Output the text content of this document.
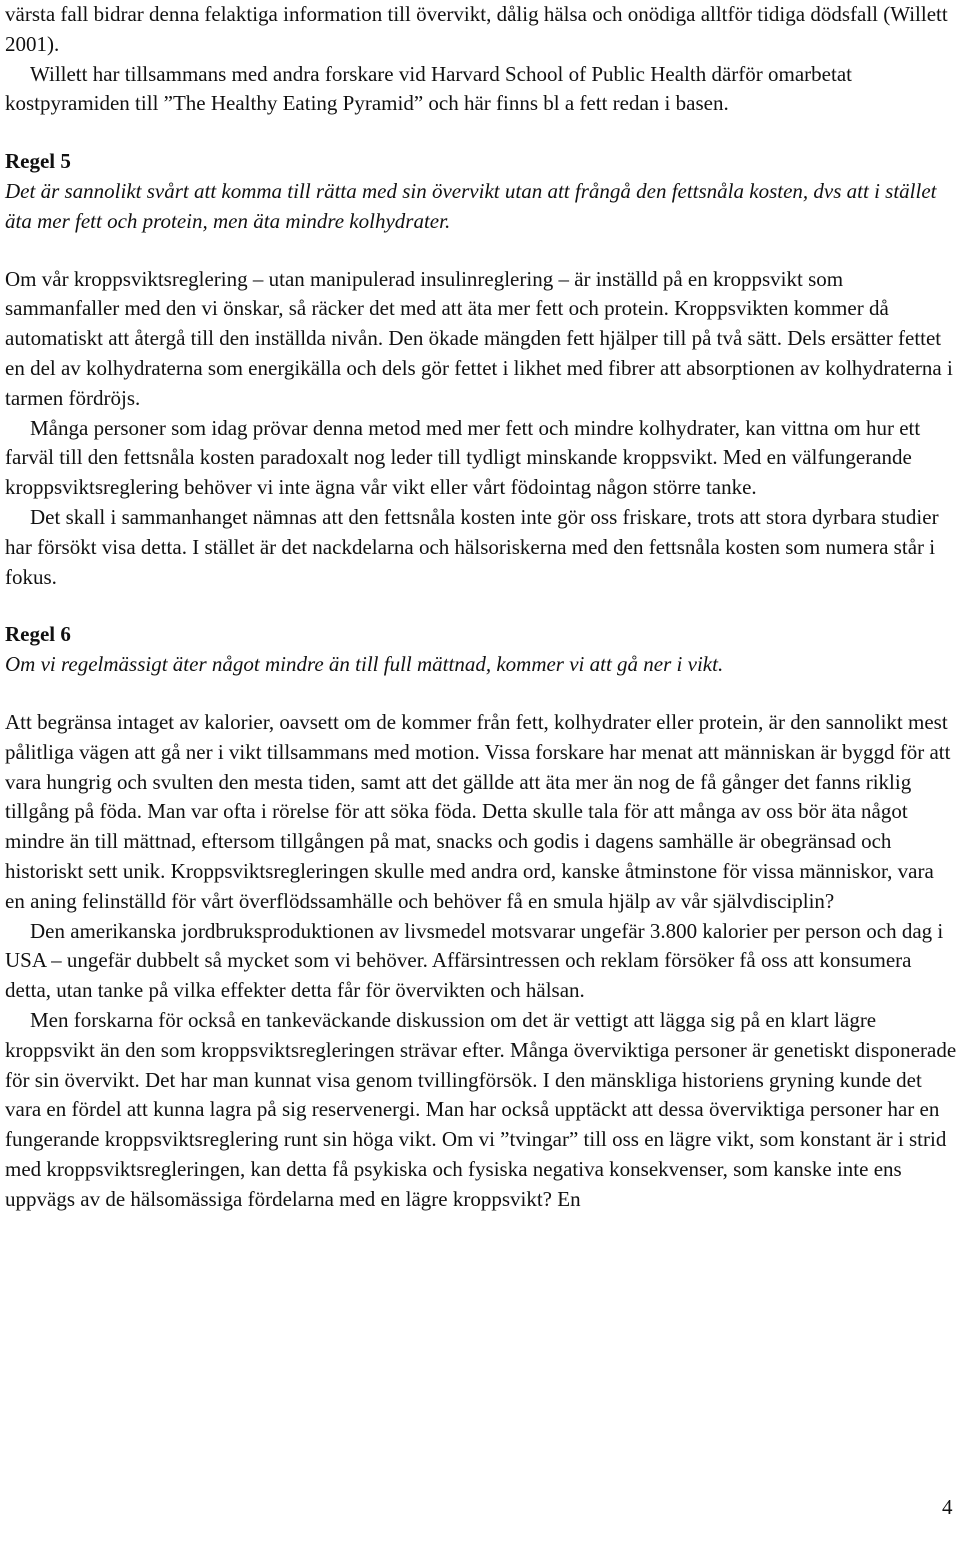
värsta fall bidrar denna felaktiga information till övervikt, dålig hälsa och onödiga alltför tidiga dödsfall (Willett 2001).

Willett har tillsammans med andra forskare vid Harvard School of Public Health därför omarbetat kostpyramiden till ”The Healthy Eating Pyramid” och här finns bl a fett redan i basen.

Regel 5

Det är sannolikt svårt att komma till rätta med sin övervikt utan att frångå den fettsnåla kosten, dvs att i stället äta mer fett och protein, men äta mindre kolhydrater.

Om vår kroppsviktsreglering – utan manipulerad insulinreglering – är inställd på en kroppsvikt som sammanfaller med den vi önskar, så räcker det med att äta mer fett och protein. Kroppsvikten kommer då automatiskt att återgå till den inställda nivån. Den ökade mängden fett hjälper till på två sätt. Dels ersätter fettet en del av kolhydraterna som energikälla och dels gör fettet i likhet med fibrer att absorptionen av kolhydraterna i tarmen fördröjs.

Många personer som idag prövar denna metod med mer fett och mindre kolhydrater, kan vittna om hur ett farväl till den fettsnåla kosten paradoxalt nog leder till tydligt minskande kroppsvikt. Med en välfungerande kroppsviktsreglering behöver vi inte ägna vår vikt eller vårt födointag någon större tanke.

Det skall i sammanhanget nämnas att den fettsnåla kosten inte gör oss friskare, trots att stora dyrbara studier har försökt visa detta. I stället är det nackdelarna och hälsoriskerna med den fettsnåla kosten som numera står i fokus.

Regel 6

Om vi regelmässigt äter något mindre än till full mättnad, kommer vi att gå ner i vikt.

Att begränsa intaget av kalorier, oavsett om de kommer från fett, kolhydrater eller protein, är den sannolikt mest pålitliga vägen att gå ner i vikt tillsammans med motion. Vissa forskare har menat att människan är byggd för att vara hungrig och svulten den mesta tiden, samt att det gällde att äta mer än nog de få gånger det fanns riklig tillgång på föda. Man var ofta i rörelse för att söka föda. Detta skulle tala för att många av oss bör äta något mindre än till mättnad, eftersom tillgången på mat, snacks och godis i dagens samhälle är obegränsad och historiskt sett unik. Kroppsviktsregleringen skulle med andra ord, kanske åtminstone för vissa människor, vara en aning felinställd för vårt överflödssamhälle och behöver få en smula hjälp av vår självdisciplin?

Den amerikanska jordbruksproduktionen av livsmedel motsvarar ungefär 3.800 kalorier per person och dag i USA – ungefär dubbelt så mycket som vi behöver. Affärsintressen och reklam försöker få oss att konsumera detta, utan tanke på vilka effekter detta får för övervikten och hälsan.

Men forskarna för också en tankeväckande diskussion om det är vettigt att lägga sig på en klart lägre kroppsvikt än den som kroppsviktsregleringen strävar efter. Många överviktiga personer är genetiskt disponerade för sin övervikt. Det har man kunnat visa genom tvillingförsök. I den mänskliga historiens gryning kunde det vara en fördel att kunna lagra på sig reservenergi. Man har också upptäckt att dessa överviktiga personer har en fungerande kroppsviktsreglering runt sin höga vikt. Om vi ”tvingar” till oss en lägre vikt, som konstant är i strid med kroppsviktsregleringen, kan detta få psykiska och fysiska negativa konsekvenser, som kanske inte ens uppvägs av de hälsomässiga fördelarna med en lägre kroppsvikt? En

4
